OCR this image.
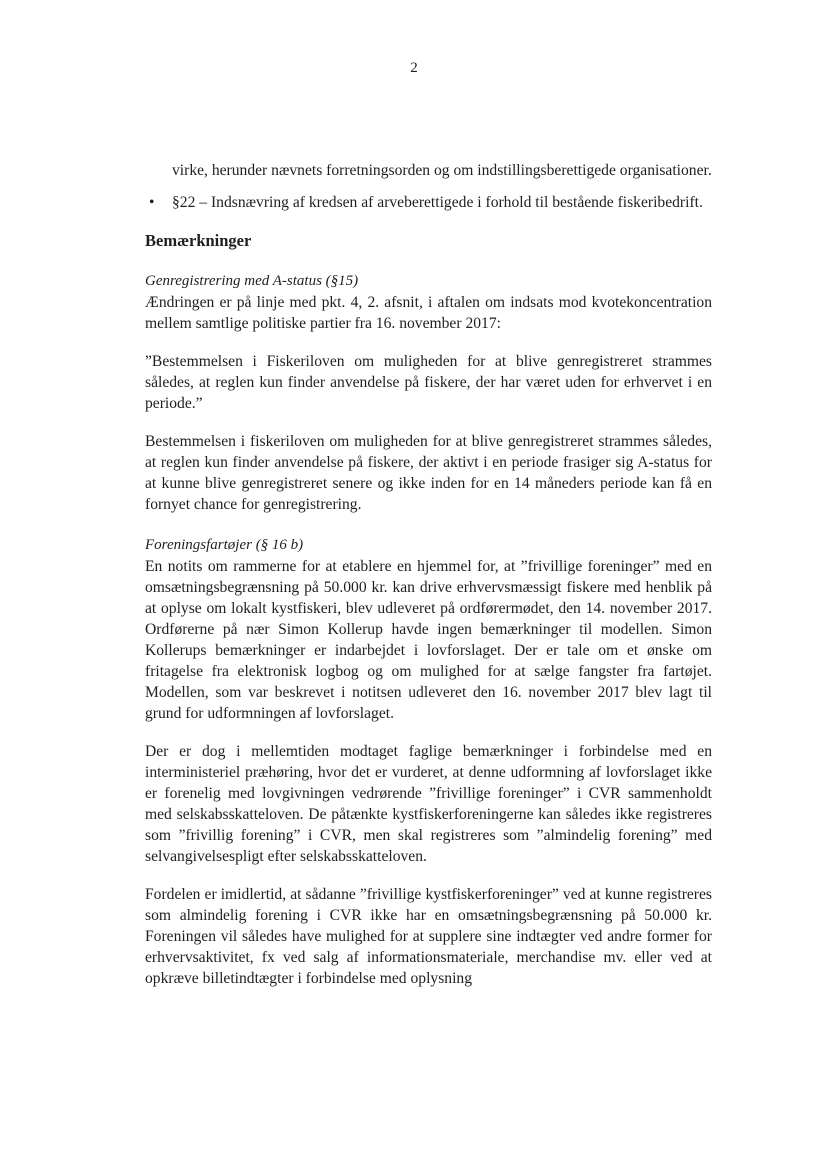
2

virke, herunder nævnets forretningsorden og om indstillingsberettigede organisationer.

• §22 – Indsnævring af kredsen af arveberettigede i forhold til bestående fiskeribedrift.
Bemærkninger

Genregistrering med A-status (§15)

Ændringen er på linje med pkt. 4, 2. afsnit, i aftalen om indsats mod kvotekoncentration mellem samtlige politiske partier fra 16. november 2017:

”Bestemmelsen i Fiskeriloven om muligheden for at blive genregistreret strammes således, at reglen kun finder anvendelse på fiskere, der har været uden for erhvervet i en periode.”

Bestemmelsen i fiskeriloven om muligheden for at blive genregistreret strammes således, at reglen kun finder anvendelse på fiskere, der aktivt i en periode frasiger sig A-status for at kunne blive genregistreret senere og ikke inden for en 14 måneders periode kan få en fornyet chance for genregistrering.

Foreningsfartøjer (§ 16 b)

En notits om rammerne for at etablere en hjemmel for, at ”frivillige foreninger” med en omsætningsbegrænsning på 50.000 kr. kan drive erhvervsmæssigt fiskere med henblik på at oplyse om lokalt kystfiskeri, blev udleveret på ordførermødet, den 14. november 2017. Ordførerne på nær Simon Kollerup havde ingen bemærkninger til modellen. Simon Kollerups bemærkninger er indarbejdet i lovforslaget. Der er tale om et ønske om fritagelse fra elektronisk logbog og om mulighed for at sælge fangster fra fartøjet. Modellen, som var beskrevet i notitsen udleveret den 16. november 2017 blev lagt til grund for udformningen af lovforslaget.

Der er dog i mellemtiden modtaget faglige bemærkninger i forbindelse med en interministeriel præhøring, hvor det er vurderet, at denne udformning af lovforslaget ikke er forenelig med lovgivningen vedrørende ”frivillige foreninger” i CVR sammenholdt med selskabsskatteloven. De påtænkte kystfiskerforeningerne kan således ikke registreres som ”frivillig forening” i CVR, men skal registreres som ”almindelig forening” med selvangivelsespligt efter selskabsskatteloven.

Fordelen er imidlertid, at sådanne ”frivillige kystfiskerforeninger” ved at kunne registreres som almindelig forening i CVR ikke har en omsætningsbegrænsning på 50.000 kr. Foreningen vil således have mulighed for at supplere sine indtægter ved andre former for erhvervsaktivitet, fx ved salg af informationsmateriale, merchandise mv. eller ved at opkræve billetindtægter i forbindelse med oplysning
